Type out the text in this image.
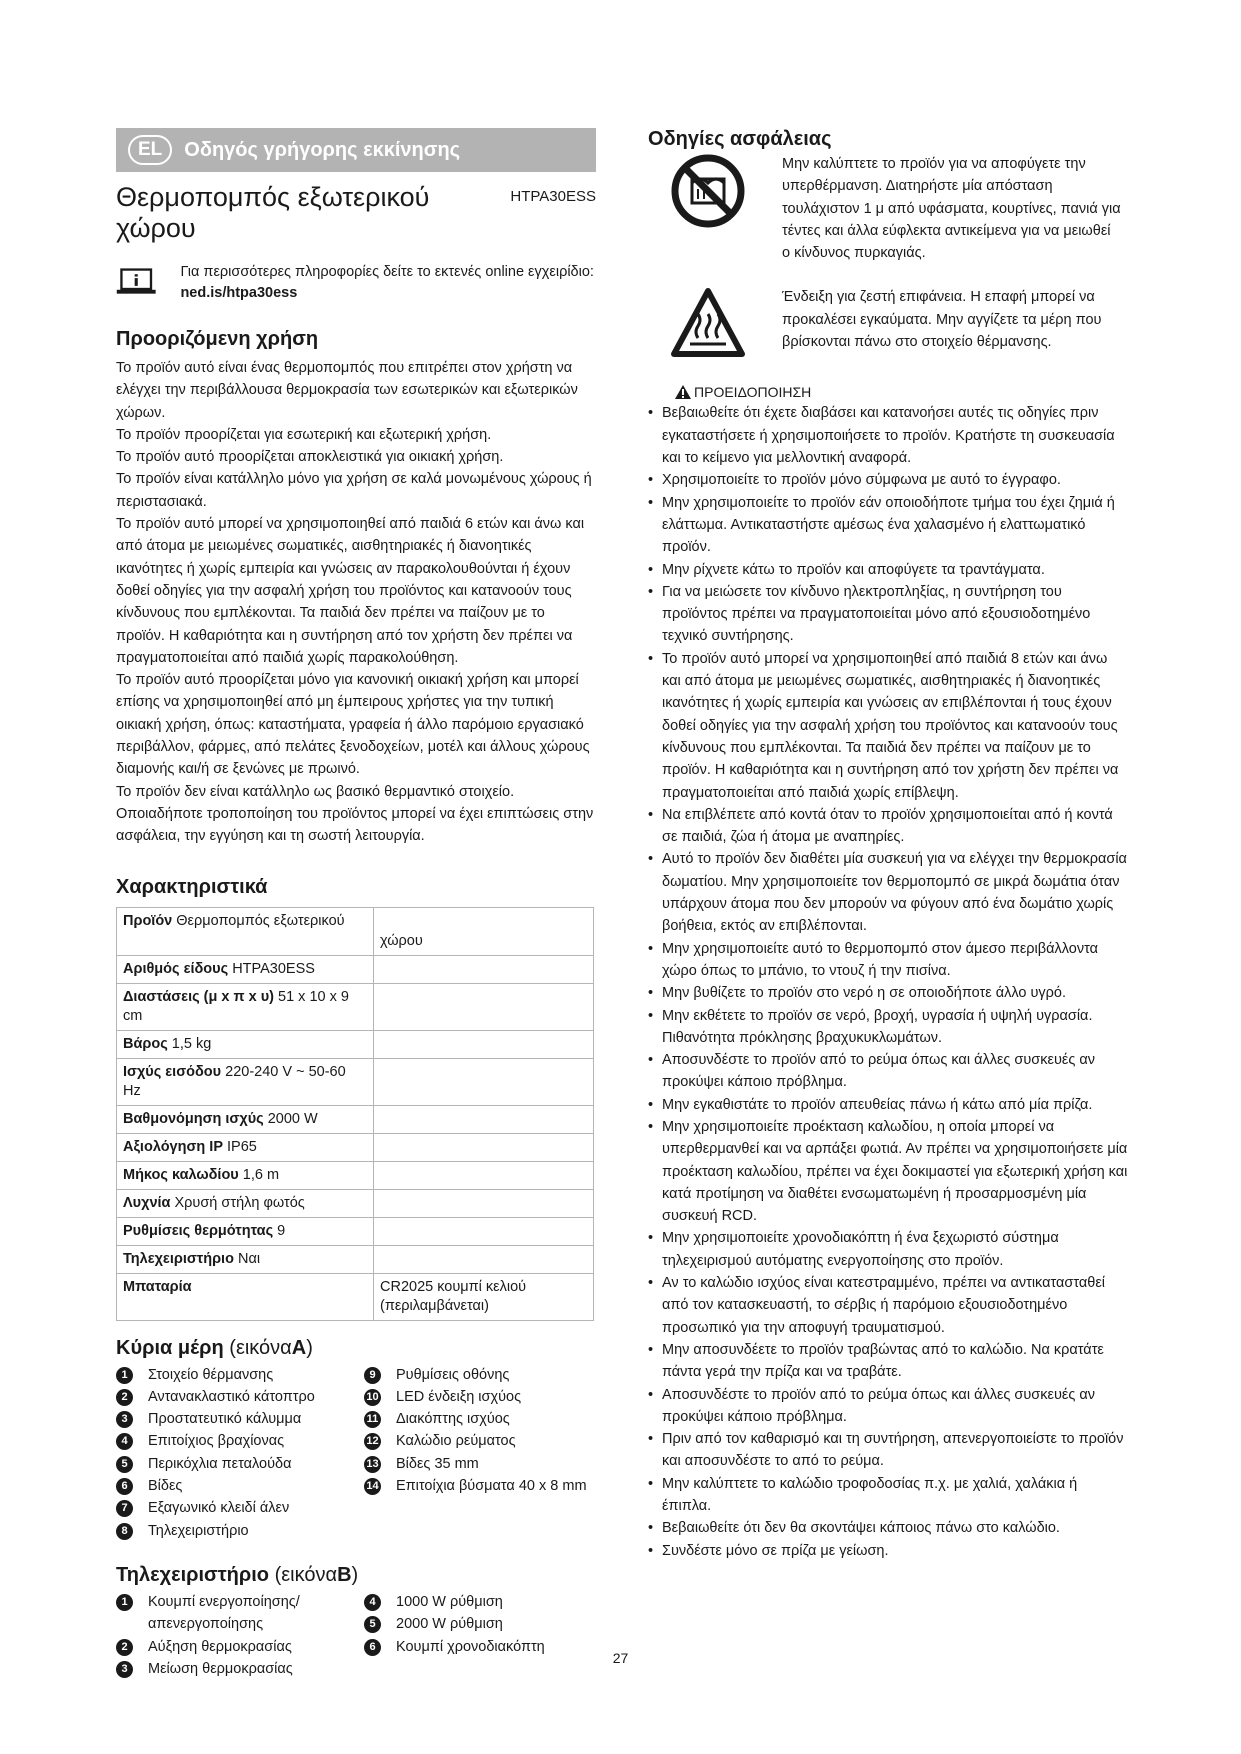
EL	Οδηγός γρήγορης εκκίνησης
Θερμοπομπός εξωτερικού χώρου
HTPA30ESS
Για περισσότερες πληροφορίες δείτε το εκτενές online εγχειρίδιο: ned.is/htpa30ess
Προοριζόμενη χρήση

Το προϊόν αυτό είναι ένας θερμοπομπός που επιτρέπει στον χρήστη να ελέγχει την περιβάλλουσα θερμοκρασία των εσωτερικών και εξωτερικών χώρων.

Το προϊόν προορίζεται για εσωτερική και εξωτερική χρήση.

Το προϊόν αυτό προορίζεται αποκλειστικά για οικιακή χρήση.

Το προϊόν είναι κατάλληλο μόνο για χρήση σε καλά μονωμένους χώρους ή περιστασιακά.

Το προϊόν αυτό μπορεί να χρησιμοποιηθεί από παιδιά 6 ετών και άνω και από άτομα με μειωμένες σωματικές, αισθητηριακές ή διανοητικές ικανότητες ή χωρίς εμπειρία και γνώσεις αν παρακολουθούνται ή έχουν δοθεί οδηγίες για την ασφαλή χρήση του προϊόντος και κατανοούν τους κίνδυνους που εμπλέκονται. Τα παιδιά δεν πρέπει να παίζουν με το προϊόν. Η καθαριότητα και η συντήρηση από τον χρήστη δεν πρέπει να πραγματοποιείται από παιδιά χωρίς παρακολούθηση.

Το προϊόν αυτό προορίζεται μόνο για κανονική οικιακή χρήση και μπορεί επίσης να χρησιμοποιηθεί από μη έμπειρους χρήστες για την τυπική οικιακή χρήση, όπως: καταστήματα, γραφεία ή άλλο παρόμοιο εργασιακό περιβάλλον, φάρμες, από πελάτες ξενοδοχείων, μοτέλ και άλλους χώρους διαμονής και/ή σε ξενώνες με πρωινό.

Το προϊόν δεν είναι κατάλληλο ως βασικό θερμαντικό στοιχείο.

Οποιαδήποτε τροποποίηση του προϊόντος μπορεί να έχει επιπτώσεις στην ασφάλεια, την εγγύηση και τη σωστή λειτουργία.

Χαρακτηριστικά
Προϊόν Θερμοπομπός εξωτερικού	χώρου
Αριθμός είδους HTPA30ESS	
Διαστάσεις (μ x π x υ) 51 x 10 x 9 cm	
Βάρος 1,5 kg	
Ισχύς εισόδου 220-240 V ~ 50-60 Hz	
Βαθμονόμηση ισχύς 2000 W	
Αξιολόγηση IP IP65	
Μήκος καλωδίου 1,6 m	
Λυχνία Χρυσή στήλη φωτός	
Ρυθμίσεις θερμότητας 9	
Τηλεχειριστήριο Ναι	
Μπαταρία	CR2025 κουμπί κελιού (περιλαμβάνεται)
Κύρια μέρη (εικόναA)
1	Στοιχείο θέρμανσης
2	Αντανακλαστικό κάτοπτρο
3	Προστατευτικό κάλυμμα
4	Επιτοίχιος βραχίονας
5	Περικόχλια πεταλούδα
6	Βίδες
7	Εξαγωνικό κλειδί άλεν
8	Τηλεχειριστήριο
9	Ρυθμίσεις οθόνης
10 LED ένδειξη ισχύος
11 Διακόπτης ισχύος
12 Καλώδιο ρεύματος
13 Βίδες 35 mm
14 Επιτοίχια βύσματα 40 x 8 mm
Τηλεχειριστήριο (εικόναB)
1	Κουμπί ενεργοποίησης/ απενεργοποίησης
2	Αύξηση θερμοκρασίας
3	Μείωση θερμοκρασίας
4	1000 W ρύθμιση
5	2000 W ρύθμιση
6	Κουμπί χρονοδιακόπτη
Οδηγίες ασφάλειας
Μην καλύπτετε το προϊόν για να αποφύγετε την υπερθέρμανση. Διατηρήστε μία απόσταση τουλάχιστον 1 μ από υφάσματα, κουρτίνες, πανιά για τέντες και άλλα εύφλεκτα αντικείμενα για να μειωθεί ο κίνδυνος πυρκαγιάς.
Ένδειξη για ζεστή επιφάνεια. Η επαφή μπορεί να προκαλέσει εγκαύματα. Μην αγγίζετε τα μέρη που βρίσκονται πάνω στο στοιχείο θέρμανσης.
ΠΡΟΕΙΔΟΠΟΙΗΣΗ
• Βεβαιωθείτε ότι έχετε διαβάσει και κατανοήσει αυτές τις οδηγίες πριν εγκαταστήσετε ή χρησιμοποιήσετε το προϊόν. Κρατήστε τη συσκευασία και το κείμενο για μελλοντική αναφορά.
• Χρησιμοποιείτε το προϊόν μόνο σύμφωνα με αυτό το έγγραφο.
• Μην χρησιμοποιείτε το προϊόν εάν οποιοδήποτε τμήμα του έχει ζημιά ή ελάττωμα. Αντικαταστήστε αμέσως ένα χαλασμένο ή ελαττωματικό προϊόν.
• Μην ρίχνετε κάτω το προϊόν και αποφύγετε τα τραντάγματα.
• Για να μειώσετε τον κίνδυνο ηλεκτροπληξίας, η συντήρηση του προϊόντος πρέπει να πραγματοποιείται μόνο από εξουσιοδοτημένο τεχνικό συντήρησης.
• Το προϊόν αυτό μπορεί να χρησιμοποιηθεί από παιδιά 8 ετών και άνω και από άτομα με μειωμένες σωματικές, αισθητηριακές ή διανοητικές ικανότητες ή χωρίς εμπειρία και γνώσεις αν επιβλέπονται ή τους έχουν δοθεί οδηγίες για την ασφαλή χρήση του προϊόντος και κατανοούν τους κίνδυνους που εμπλέκονται. Τα παιδιά δεν πρέπει να παίζουν με το προϊόν. Η καθαριότητα και η συντήρηση από τον χρήστη δεν πρέπει να πραγματοποιείται από παιδιά χωρίς επίβλεψη.
• Να επιβλέπετε από κοντά όταν το προϊόν χρησιμοποιείται από ή κοντά σε παιδιά, ζώα ή άτομα με αναπηρίες.
• Αυτό το προϊόν δεν διαθέτει μία συσκευή για να ελέγχει την θερμοκρασία δωματίου. Μην χρησιμοποιείτε τον θερμοπομπό σε μικρά δωμάτια όταν υπάρχουν άτομα που δεν μπορούν να φύγουν από ένα δωμάτιο χωρίς βοήθεια, εκτός αν επιβλέπονται.
• Μην χρησιμοποιείτε αυτό το θερμοπομπό στον άμεσο περιβάλλοντα χώρο όπως το μπάνιο, το ντουζ ή την πισίνα.
• Μην βυθίζετε το προϊόν στο νερό η σε οποιοδήποτε άλλο υγρό.
• Μην εκθέτετε το προϊόν σε νερό, βροχή, υγρασία ή υψηλή υγρασία. Πιθανότητα πρόκλησης βραχυκυκλωμάτων.
• Αποσυνδέστε το προϊόν από το ρεύμα όπως και άλλες συσκευές αν προκύψει κάποιο πρόβλημα.
• Μην εγκαθιστάτε το προϊόν απευθείας πάνω ή κάτω από μία πρίζα.
• Μην χρησιμοποιείτε προέκταση καλωδίου, η οποία μπορεί να υπερθερμανθεί και να αρπάξει φωτιά. Αν πρέπει να χρησιμοποιήσετε μία προέκταση καλωδίου, πρέπει να έχει δοκιμαστεί για εξωτερική χρήση και κατά προτίμηση να διαθέτει ενσωματωμένη ή προσαρμοσμένη μία συσκευή RCD.
• Μην χρησιμοποιείτε χρονοδιακόπτη ή ένα ξεχωριστό σύστημα τηλεχειρισμού αυτόματης ενεργοποίησης στο προϊόν.
• Αν το καλώδιο ισχύος είναι κατεστραμμένο, πρέπει να αντικατασταθεί από τον κατασκευαστή, το σέρβις ή παρόμοιο εξουσιοδοτημένο προσωπικό για την αποφυγή τραυματισμού.
• Μην αποσυνδέετε το προϊόν τραβώντας από το καλώδιο. Να κρατάτε πάντα γερά την πρίζα και να τραβάτε.
• Αποσυνδέστε το προϊόν από το ρεύμα όπως και άλλες συσκευές αν προκύψει κάποιο πρόβλημα.
• Πριν από τον καθαρισμό και τη συντήρηση, απενεργοποιείστε το προϊόν και αποσυνδέστε το από το ρεύμα.
• Μην καλύπτετε το καλώδιο τροφοδοσίας π.χ. με χαλιά, χαλάκια ή έπιπλα.
• Βεβαιωθείτε ότι δεν θα σκοντάψει κάποιος πάνω στο καλώδιο.
• Συνδέστε μόνο σε πρίζα με γείωση.
27
